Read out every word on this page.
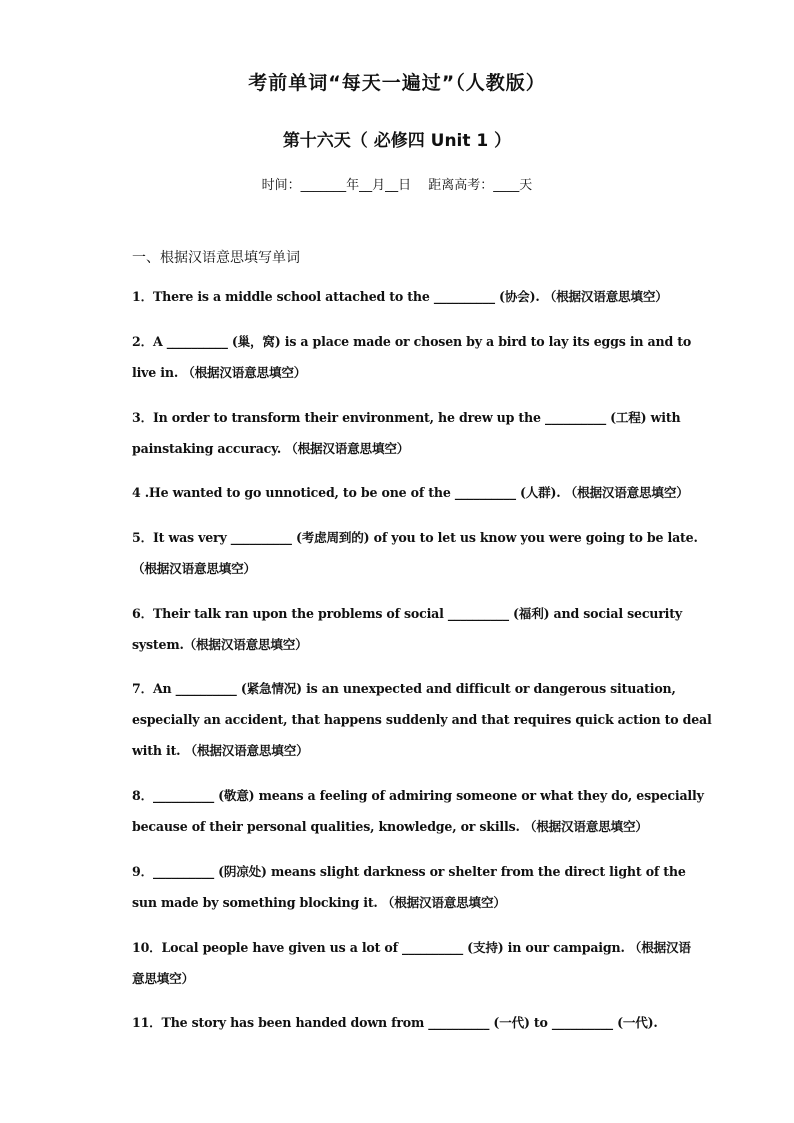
考前单词“每天一遍过”（人教版）
第十六天（ 必修四 Unit 1 ）
时间：_______年__月__日　 距离高考：____天
一、根据汉语意思填写单词
1．There is a middle school attached to the __________ (协会). （根据汉语意思填空）
2．A __________ (巢，窝) is a place made or chosen by a bird to lay its eggs in and to
live in. （根据汉语意思填空）
3．In order to transform their environment, he drew up the __________ (工程) with
painstaking accuracy. （根据汉语意思填空）
4 .He wanted to go unnoticed, to be one of the __________ (人群). （根据汉语意思填空）
5．It was very __________ (考虑周到的) of you to let us know you were going to be late.
（根据汉语意思填空）
6．Their talk ran upon the problems of social __________ (福利) and social security
system.（根据汉语意思填空）
7．An __________ (紧急情况) is an unexpected and difficult or dangerous situation,
especially an accident, that happens suddenly and that requires quick action to deal
with it. （根据汉语意思填空）
8．__________ (敬意) means a feeling of admiring someone or what they do, especially
because of their personal qualities, knowledge, or skills. （根据汉语意思填空）
9．__________ (阴凉处) means slight darkness or shelter from the direct light of the
sun made by something blocking it. （根据汉语意思填空）
10．Local people have given us a lot of __________ (支持) in our campaign. （根据汉语
意思填空）
11．The story has been handed down from __________ (一代) to __________ (一代).
